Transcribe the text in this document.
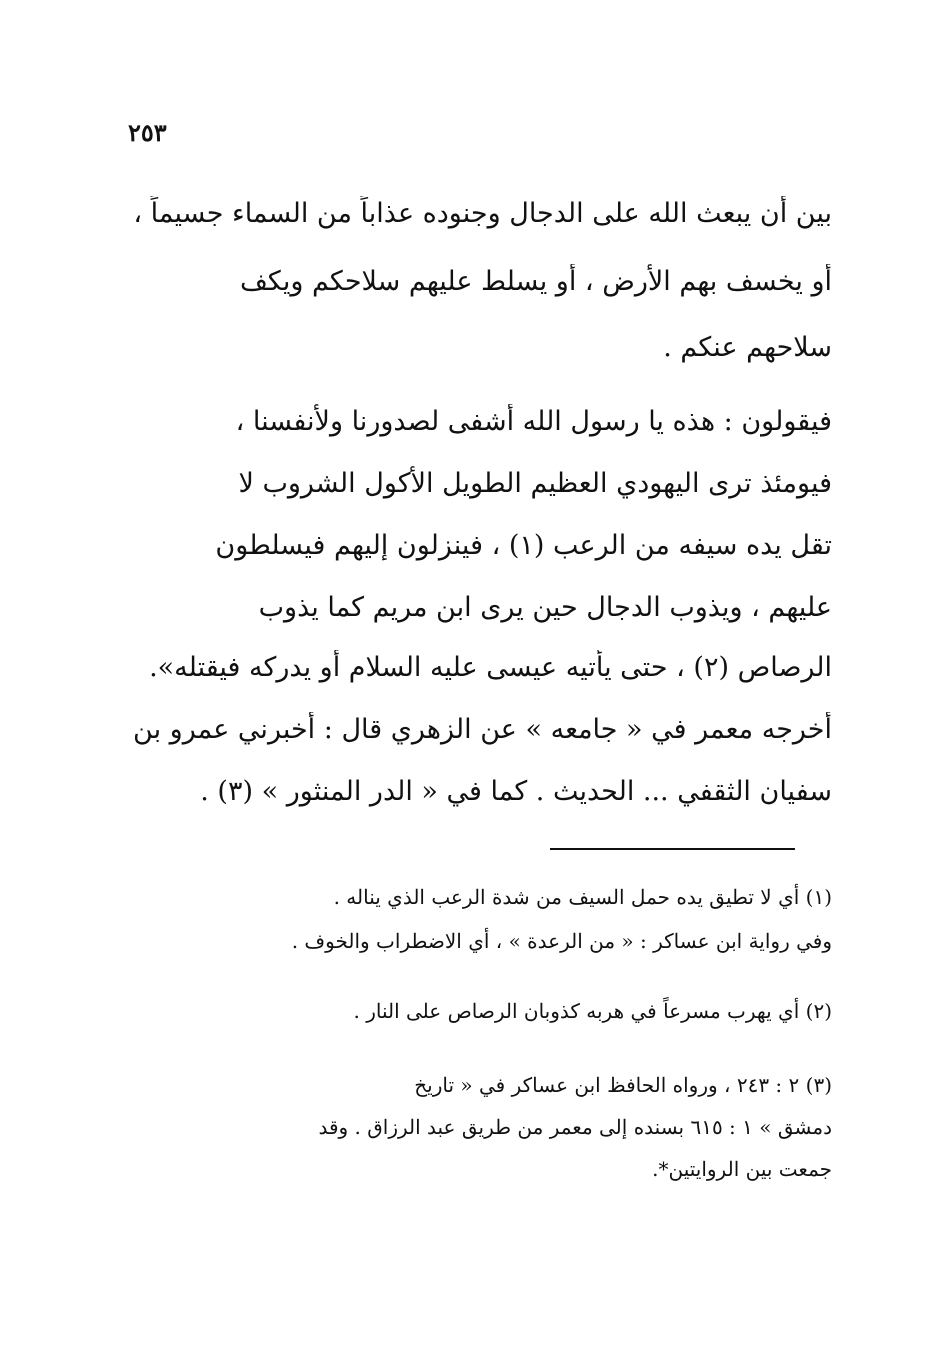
٢٥٣
بين أن يبعث الله على الدجال وجنوده عذاباً من السماء جسيماً ،
أو يخسف بهم الأرض ، أو يسلط عليهم سلاحكم ويكف
سلاحهم عنكم .
فيقولون : هذه يا رسول الله أشفى لصدورنا ولأنفسنا ،
فيومئذ ترى اليهودي العظيم الطويل الأكول الشروب لا
تقل يده سيفه من الرعب (١) ، فينزلون إليهم فيسلطون
عليهم ، ويذوب الدجال حين يرى ابن مريم كما يذوب
الرصاص (٢) ، حتى يأتيه عيسى عليه السلام أو يدركه فيقتله».
أخرجه معمر في « جامعه » عن الزهري قال : أخبرني عمرو بن
سفيان الثقفي ... الحديث . كما في « الدر المنثور » (٣) .
(١) أي لا تطيق يده حمل السيف من شدة الرعب الذي يناله .
وفي رواية ابن عساكر : « من الرعدة » ، أي الاضطراب والخوف .
(٢) أي يهرب مسرعاً في هربه كذوبان الرصاص على النار .
(٣) ٢ : ٢٤٣ ، ورواه الحافظ ابن عساكر في « تاريخ
دمشق » ١ : ٦١٥ بسنده إلى معمر من طريق عبد الرزاق . وقد
جمعت بين الروايتين*.
